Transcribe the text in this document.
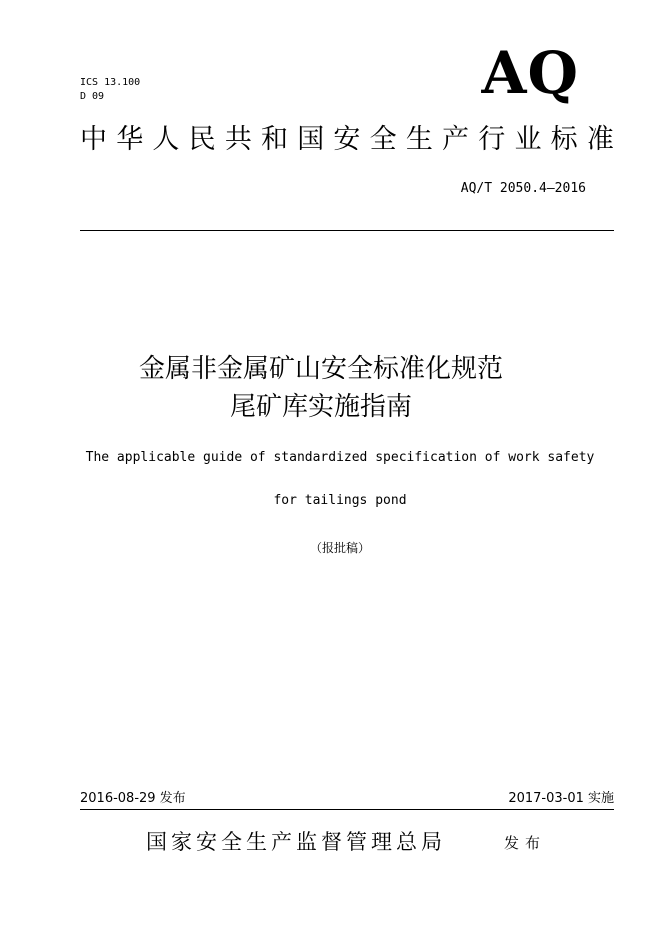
ICS 13.100
D 09	AQ
中 华 人 民 共 和 国 安 全 生 产 行 业 标 准
AQ/T 2050.4—2016
金属非金属矿山安全标准化规范
尾矿库实施指南
The applicable guide of standardized specification of work safety
for tailings pond
（报批稿）
2016-08-29 发布	2017-03-01 实施
国家安全生产监督管理总局	发布
